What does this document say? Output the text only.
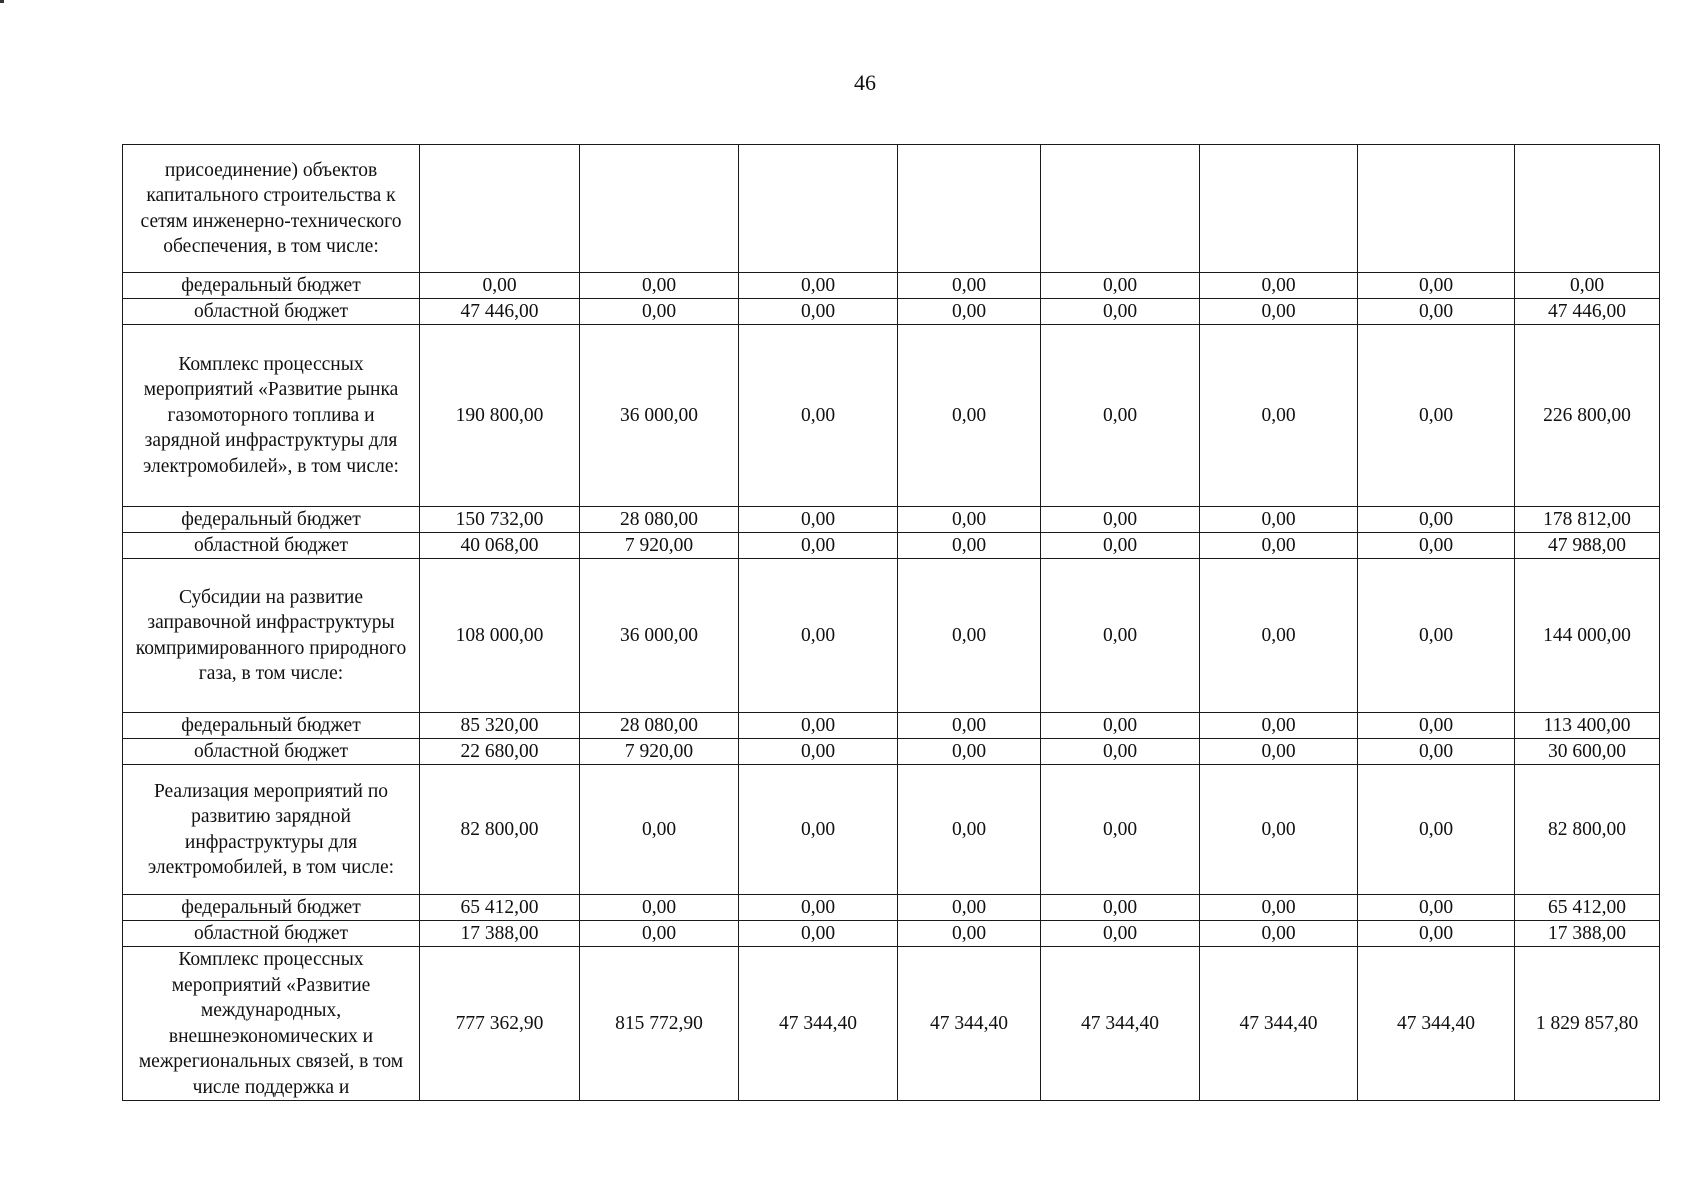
46
присоединение) объектов капитального строительства к сетям инженерно-технического обеспечения, в том числе:								
федеральный бюджет	0,00	0,00	0,00	0,00	0,00	0,00	0,00	0,00
областной бюджет	47 446,00	0,00	0,00	0,00	0,00	0,00	0,00	47 446,00
Комплекс процессных мероприятий «Развитие рынка газомоторного топлива и зарядной инфраструктуры для электромобилей», в том числе:	190 800,00	36 000,00	0,00	0,00	0,00	0,00	0,00	226 800,00
федеральный бюджет	150 732,00	28 080,00	0,00	0,00	0,00	0,00	0,00	178 812,00
областной бюджет	40 068,00	7 920,00	0,00	0,00	0,00	0,00	0,00	47 988,00
Субсидии на развитие заправочной инфраструктуры компримированного природного газа, в том числе:	108 000,00	36 000,00	0,00	0,00	0,00	0,00	0,00	144 000,00
федеральный бюджет	85 320,00	28 080,00	0,00	0,00	0,00	0,00	0,00	113 400,00
областной бюджет	22 680,00	7 920,00	0,00	0,00	0,00	0,00	0,00	30 600,00
Реализация мероприятий по развитию зарядной инфраструктуры для электромобилей, в том числе:	82 800,00	0,00	0,00	0,00	0,00	0,00	0,00	82 800,00
федеральный бюджет	65 412,00	0,00	0,00	0,00	0,00	0,00	0,00	65 412,00
областной бюджет	17 388,00	0,00	0,00	0,00	0,00	0,00	0,00	17 388,00
Комплекс процессных мероприятий «Развитие международных, внешнеэкономических и межрегиональных связей, в том числе поддержка и	777 362,90	815 772,90	47 344,40	47 344,40	47 344,40	47 344,40	47 344,40	1 829 857,80
